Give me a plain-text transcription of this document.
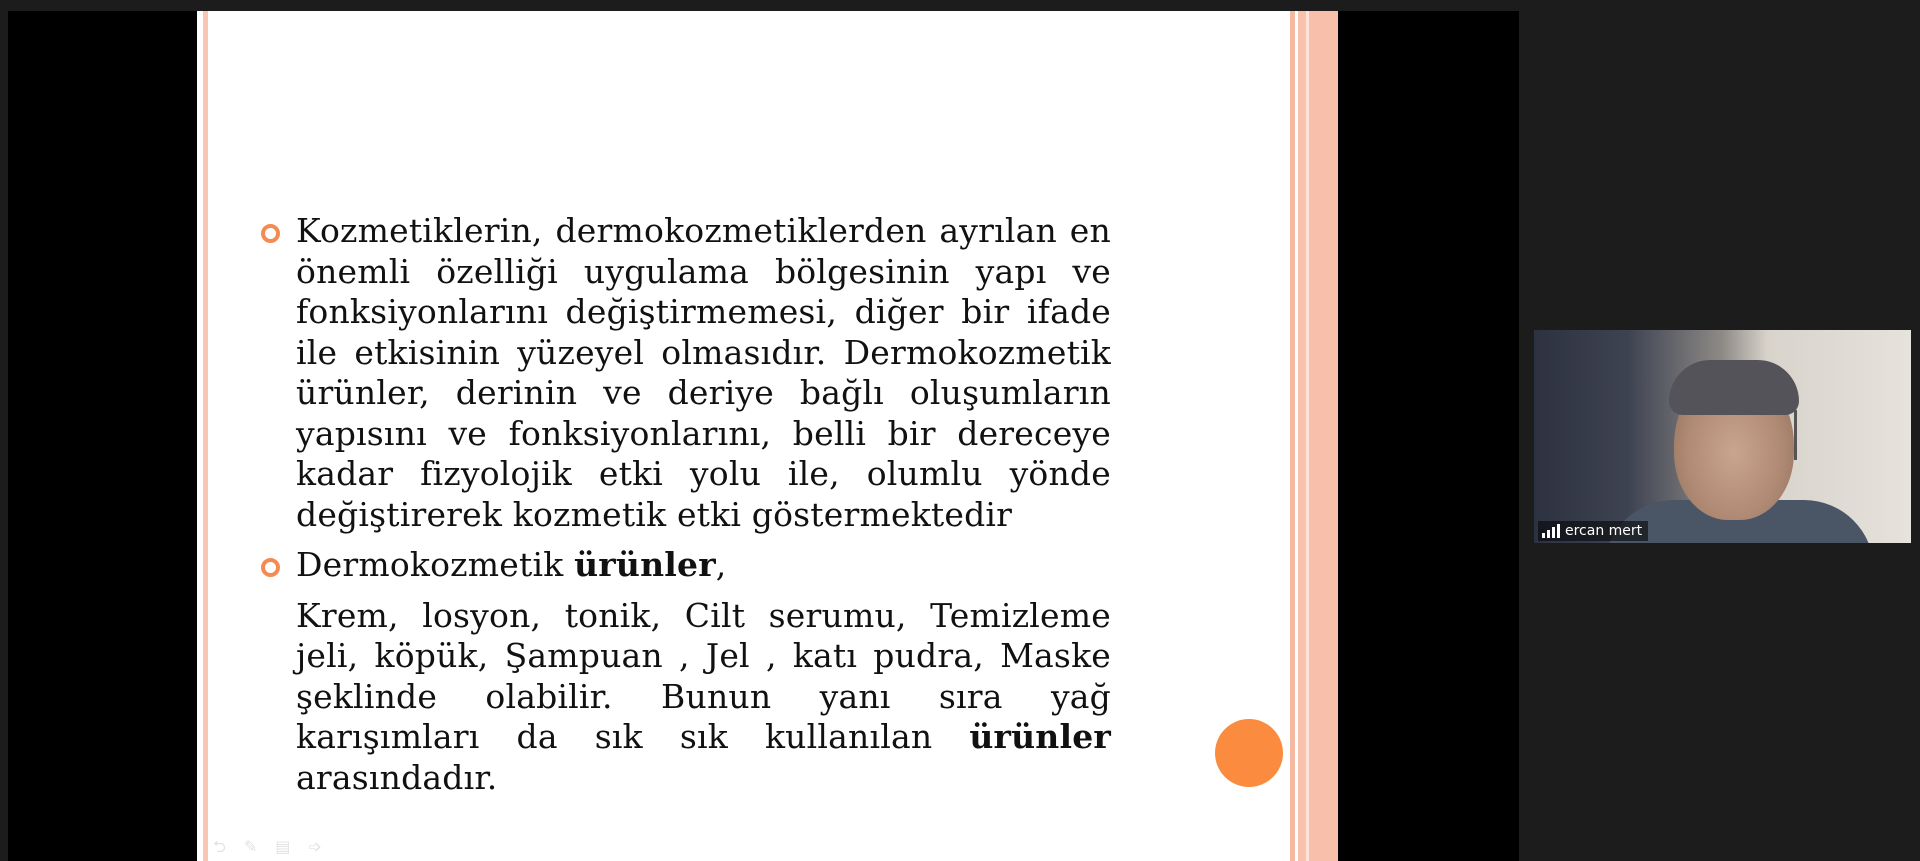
Kozmetiklerin, dermokozmetiklerden ayrılan en önemli özelliği uygulama bölgesinin yapı ve fonksiyonlarını değiştirmemesi, diğer bir ifade ile etkisinin yüzeyel olmasıdır. Dermokozmetik ürünler, derinin ve deriye bağlı oluşumların yapısını ve fonksiyonlarını, belli bir dereceye kadar fizyolojik etki yolu ile, olumlu yönde değiştirerek kozmetik etki göstermektedir

Dermokozmetik ürünler,

Krem, losyon, tonik, Cilt serumu, Temizleme jeli, köpük, Şampuan , Jel , katı pudra, Maske şeklinde olabilir. Bunun yanı sıra yağ karışımları da sık sık kullanılan ürünler arasındadır.

⮌ ✎ ▤ ➩
ercan mert
